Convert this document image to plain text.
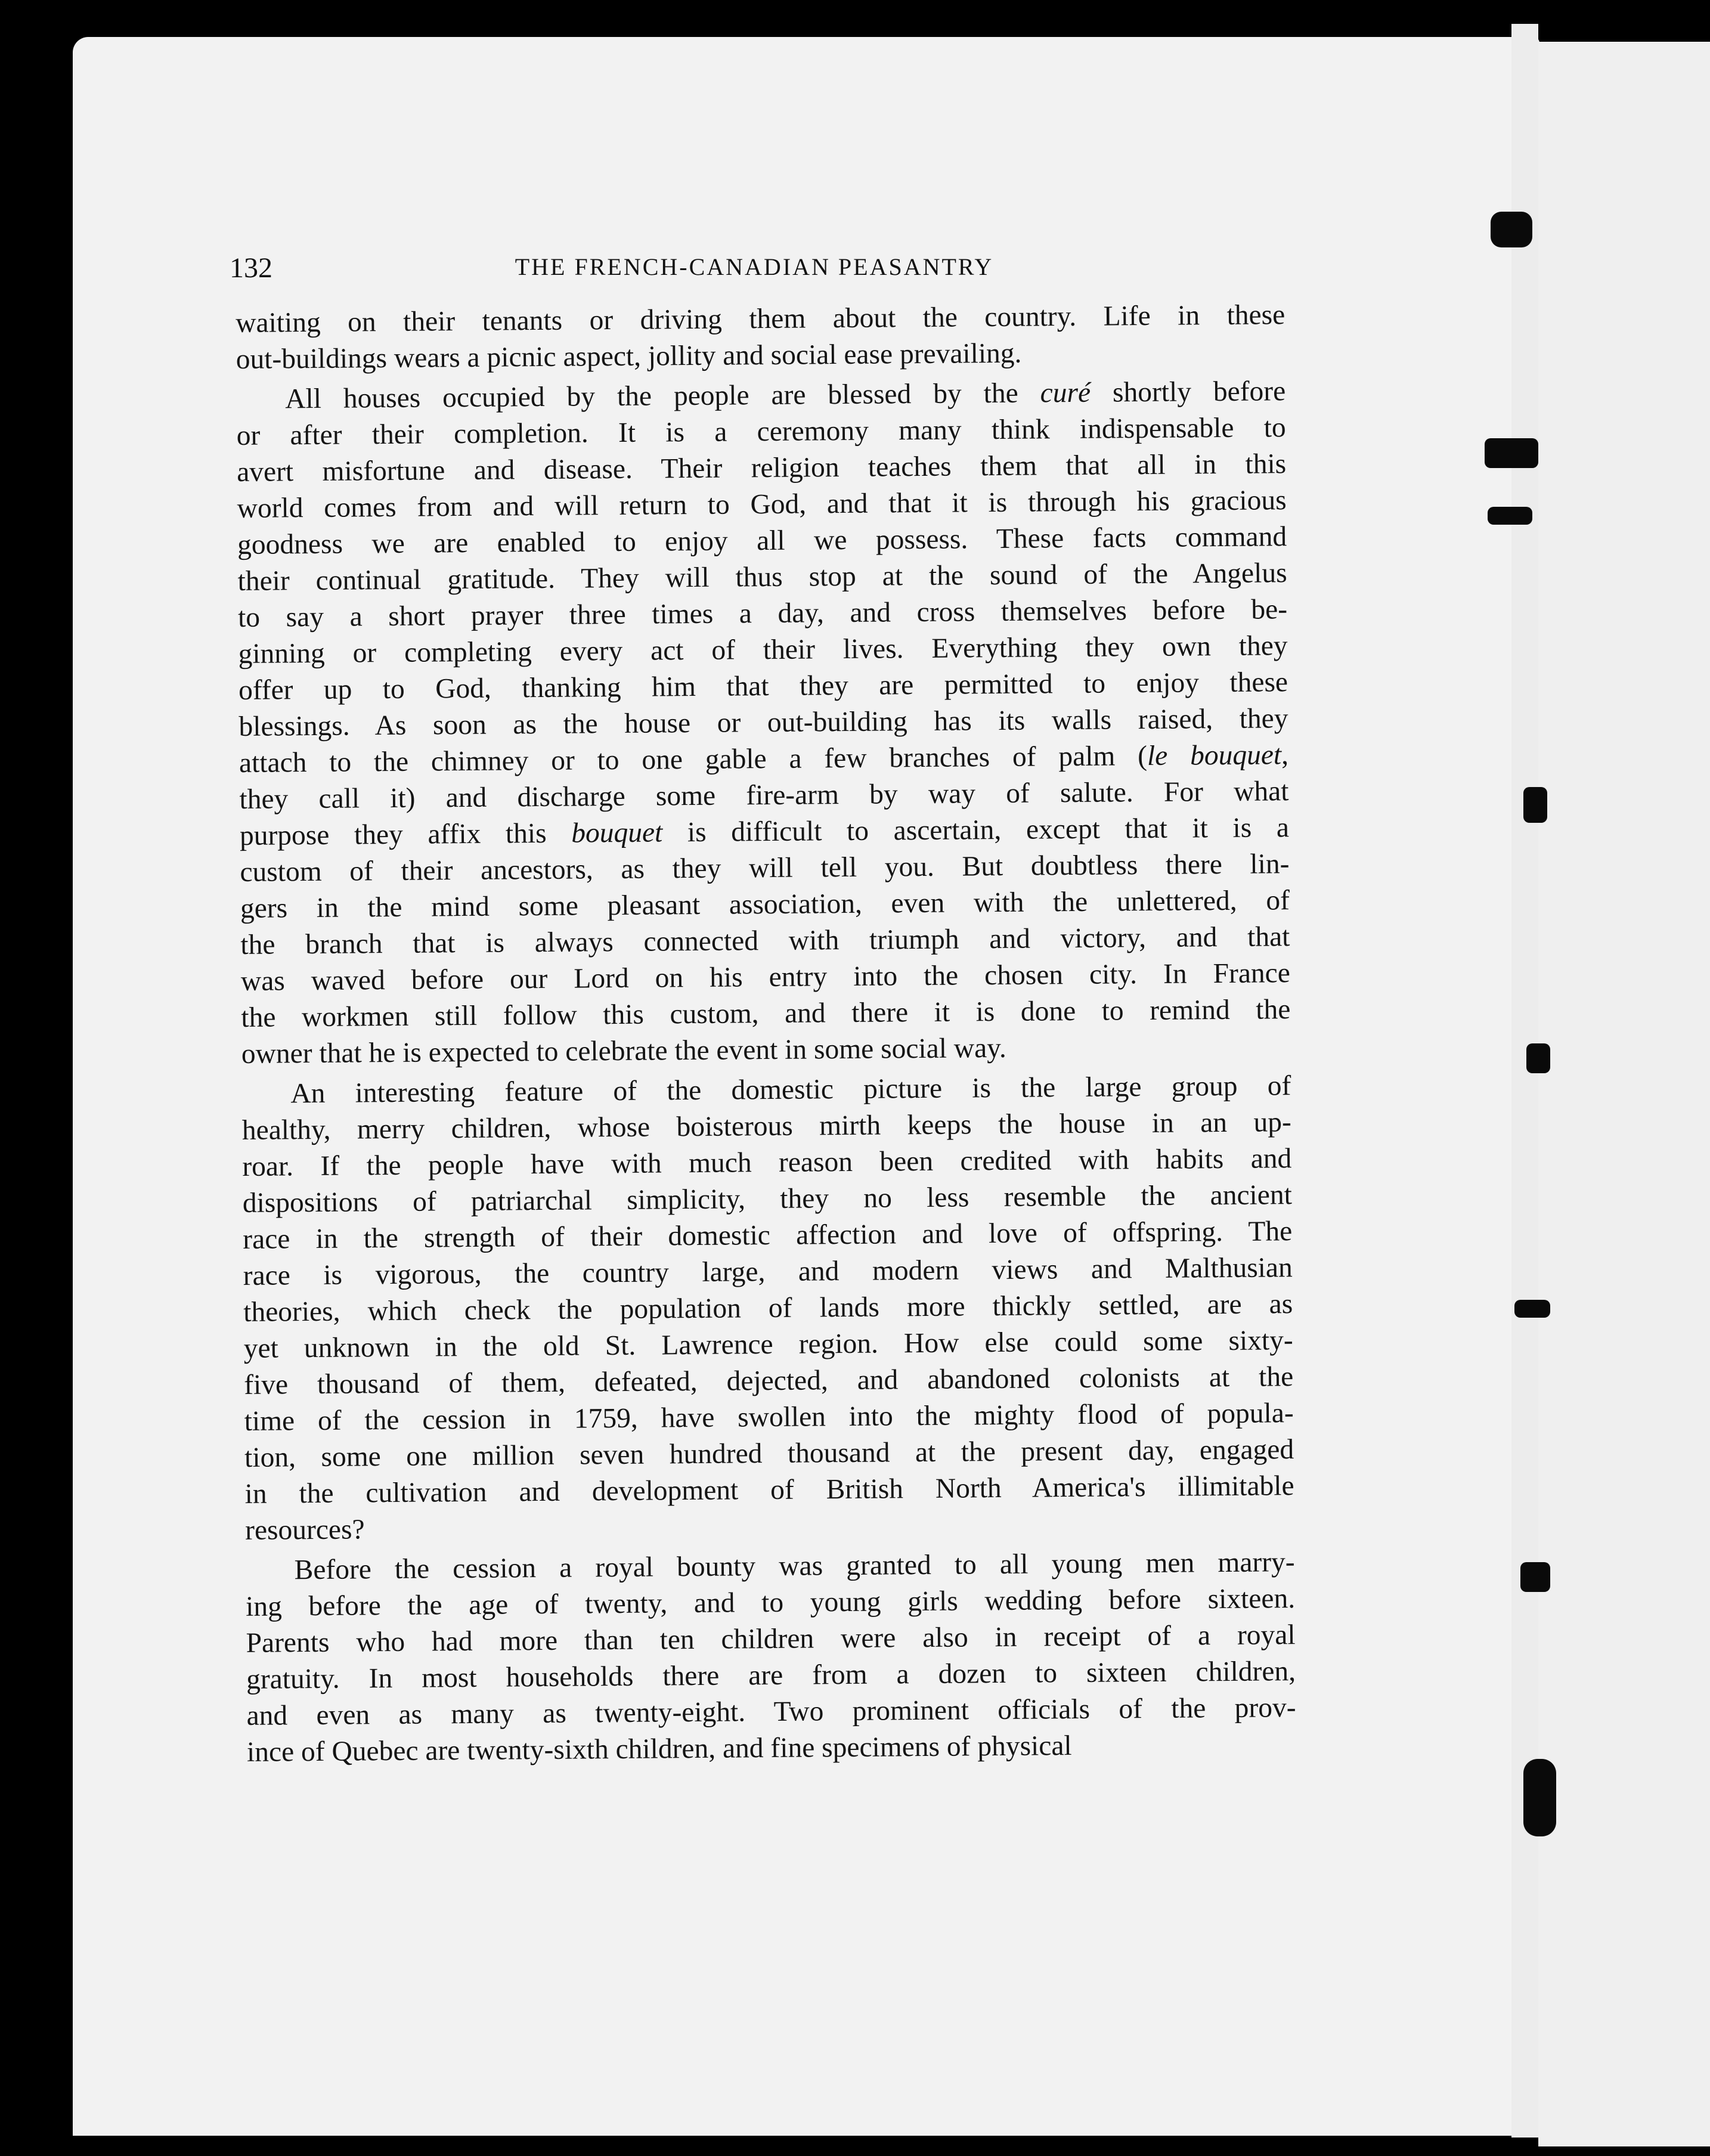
132	THE FRENCH-CANADIAN PEASANTRY
waiting on their tenants or driving them about the country. Life in these
out-buildings wears a picnic aspect, jollity and social ease prevailing.
All houses occupied by the people are blessed by the curé shortly before
or after their completion. It is a ceremony many think indispensable to
avert misfortune and disease. Their religion teaches them that all in this
world comes from and will return to God, and that it is through his gracious
goodness we are enabled to enjoy all we possess. These facts command
their continual gratitude. They will thus stop at the sound of the Angelus
to say a short prayer three times a day, and cross themselves before be-
ginning or completing every act of their lives. Everything they own they
offer up to God, thanking him that they are permitted to enjoy these
blessings. As soon as the house or out-building has its walls raised, they
attach to the chimney or to one gable a few branches of palm (le bouquet,
they call it) and discharge some fire-arm by way of salute. For what
purpose they affix this bouquet is difficult to ascertain, except that it is a
custom of their ancestors, as they will tell you. But doubtless there lin-
gers in the mind some pleasant association, even with the unlettered, of
the branch that is always connected with triumph and victory, and that
was waved before our Lord on his entry into the chosen city. In France
the workmen still follow this custom, and there it is done to remind the
owner that he is expected to celebrate the event in some social way.
An interesting feature of the domestic picture is the large group of
healthy, merry children, whose boisterous mirth keeps the house in an up-
roar. If the people have with much reason been credited with habits and
dispositions of patriarchal simplicity, they no less resemble the ancient
race in the strength of their domestic affection and love of offspring. The
race is vigorous, the country large, and modern views and Malthusian
theories, which check the population of lands more thickly settled, are as
yet unknown in the old St. Lawrence region. How else could some sixty-
five thousand of them, defeated, dejected, and abandoned colonists at the
time of the cession in 1759, have swollen into the mighty flood of popula-
tion, some one million seven hundred thousand at the present day, engaged
in the cultivation and development of British North America's illimitable
resources?
Before the cession a royal bounty was granted to all young men marry-
ing before the age of twenty, and to young girls wedding before sixteen.
Parents who had more than ten children were also in receipt of a royal
gratuity. In most households there are from a dozen to sixteen children,
and even as many as twenty-eight. Two prominent officials of the prov-
ince of Quebec are twenty-sixth children, and fine specimens of physical
